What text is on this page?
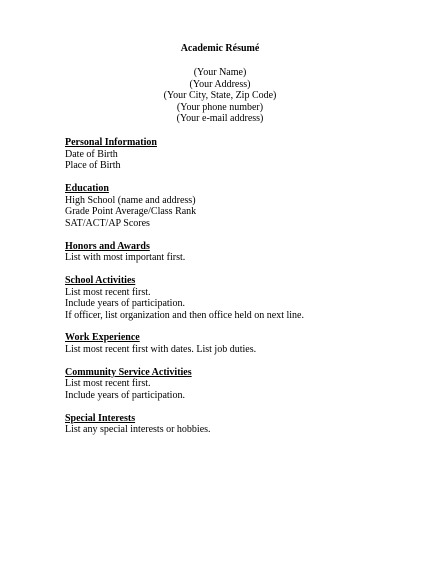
Academic Résumé
(Your Name)
(Your Address)
(Your City, State, Zip Code)
(Your phone number)
(Your e-mail address)
Personal Information
Date of Birth
Place of Birth
Education
High School (name and address)
Grade Point Average/Class Rank
SAT/ACT/AP Scores
Honors and Awards
List with most important first.
School Activities
List most recent first.
Include years of participation.
If officer, list organization and then office held on next line.
Work Experience
List most recent first with dates. List job duties.
Community Service Activities
List most recent first.
Include years of participation.
Special Interests
List any special interests or hobbies.
